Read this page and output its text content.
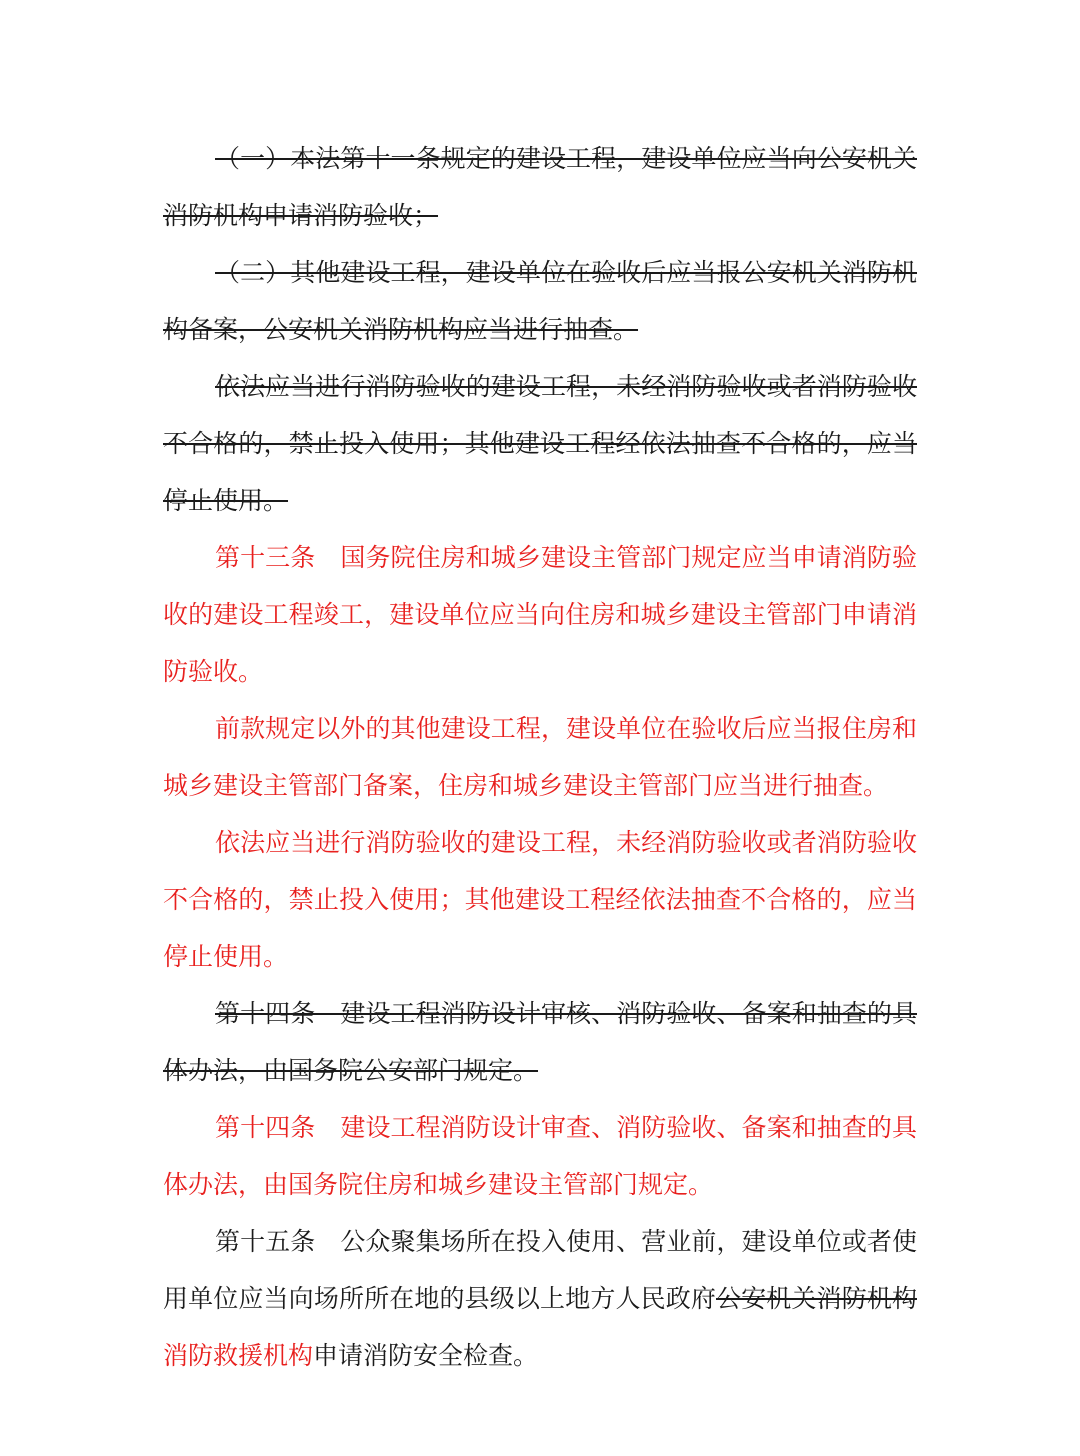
（一）本法第十一条规定的建设工程，建设单位应当向公安机关消防机构申请消防验收；

（二）其他建设工程，建设单位在验收后应当报公安机关消防机构备案，公安机关消防机构应当进行抽查。

依法应当进行消防验收的建设工程，未经消防验收或者消防验收不合格的，禁止投入使用；其他建设工程经依法抽查不合格的，应当停止使用。

第十三条　国务院住房和城乡建设主管部门规定应当申请消防验收的建设工程竣工，建设单位应当向住房和城乡建设主管部门申请消防验收。

前款规定以外的其他建设工程，建设单位在验收后应当报住房和城乡建设主管部门备案，住房和城乡建设主管部门应当进行抽查。

依法应当进行消防验收的建设工程，未经消防验收或者消防验收不合格的，禁止投入使用；其他建设工程经依法抽查不合格的，应当停止使用。

第十四条　建设工程消防设计审核、消防验收、备案和抽查的具体办法，由国务院公安部门规定。

第十四条　建设工程消防设计审查、消防验收、备案和抽查的具体办法，由国务院住房和城乡建设主管部门规定。

第十五条　公众聚集场所在投入使用、营业前，建设单位或者使用单位应当向场所所在地的县级以上地方人民政府公安机关消防机构消防救援机构申请消防安全检查。
